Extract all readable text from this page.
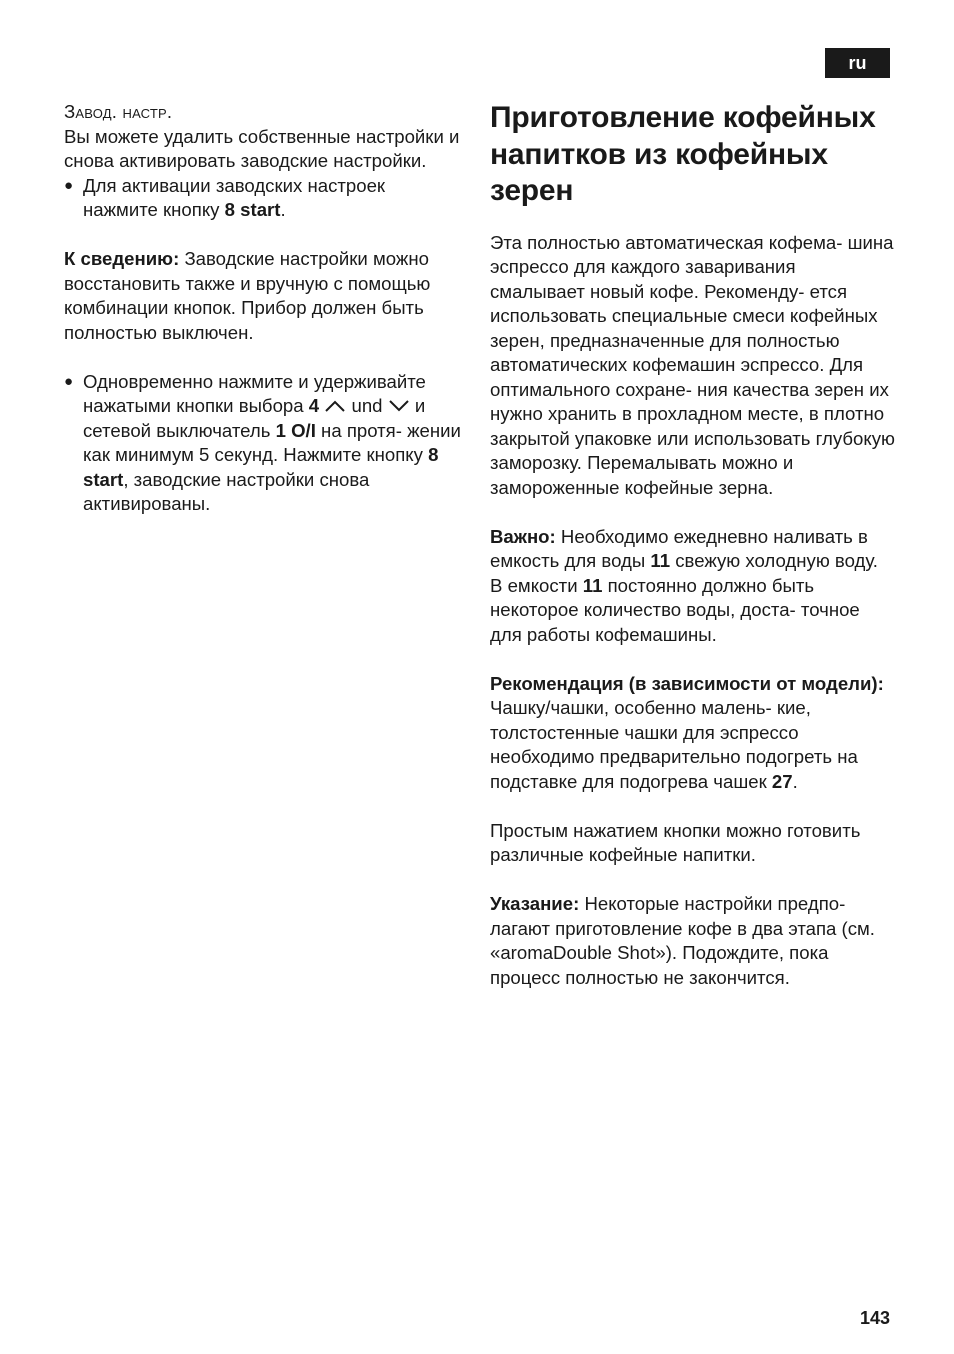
ru

Завод. настр.

Вы можете удалить собственные настройки и снова активировать заводские настройки.

● Для активации заводских настроек нажмите кнопку 8 start.

К сведению: Заводские настройки можно восстановить также и вручную с помощью комбинации кнопок. Прибор должен быть полностью выключен.

● Одновременно нажмите и удерживайте нажатыми кнопки выбора 4 und и сетевой выключатель 1 O/I на протя- жении как минимум 5 секунд. Нажмите кнопку 8 start, заводские настройки снова активированы.

Приготовление кофейных напитков из кофейных зерен

Эта полностью автоматическая кофема- шина эспрессо для каждого заваривания смалывает новый кофе. Рекоменду- ется использовать специальные смеси кофейных зерен, предназначенные для полностью автоматических кофемашин эспрессо. Для оптимального сохране- ния качества зерен их нужно хранить в прохладном месте, в плотно закрытой упаковке или использовать глубокую заморозку. Перемалывать можно и замороженные кофейные зерна.

Важно: Необходимо ежедневно наливать в емкость для воды 11 свежую холодную воду. В емкости 11 постоянно должно быть некоторое количество воды, доста- точное для работы кофемашины.

Рекомендация (в зависимости от модели): Чашку/чашки, особенно малень- кие, толстостенные чашки для эспрессо необходимо предварительно подогреть на подставке для подогрева чашек 27.

Простым нажатием кнопки можно готовить различные кофейные напитки.

Указание: Некоторые настройки предпо- лагают приготовление кофе в два этапа (см. «aromaDouble Shot»). Подождите, пока процесс полностью не закончится.

143
